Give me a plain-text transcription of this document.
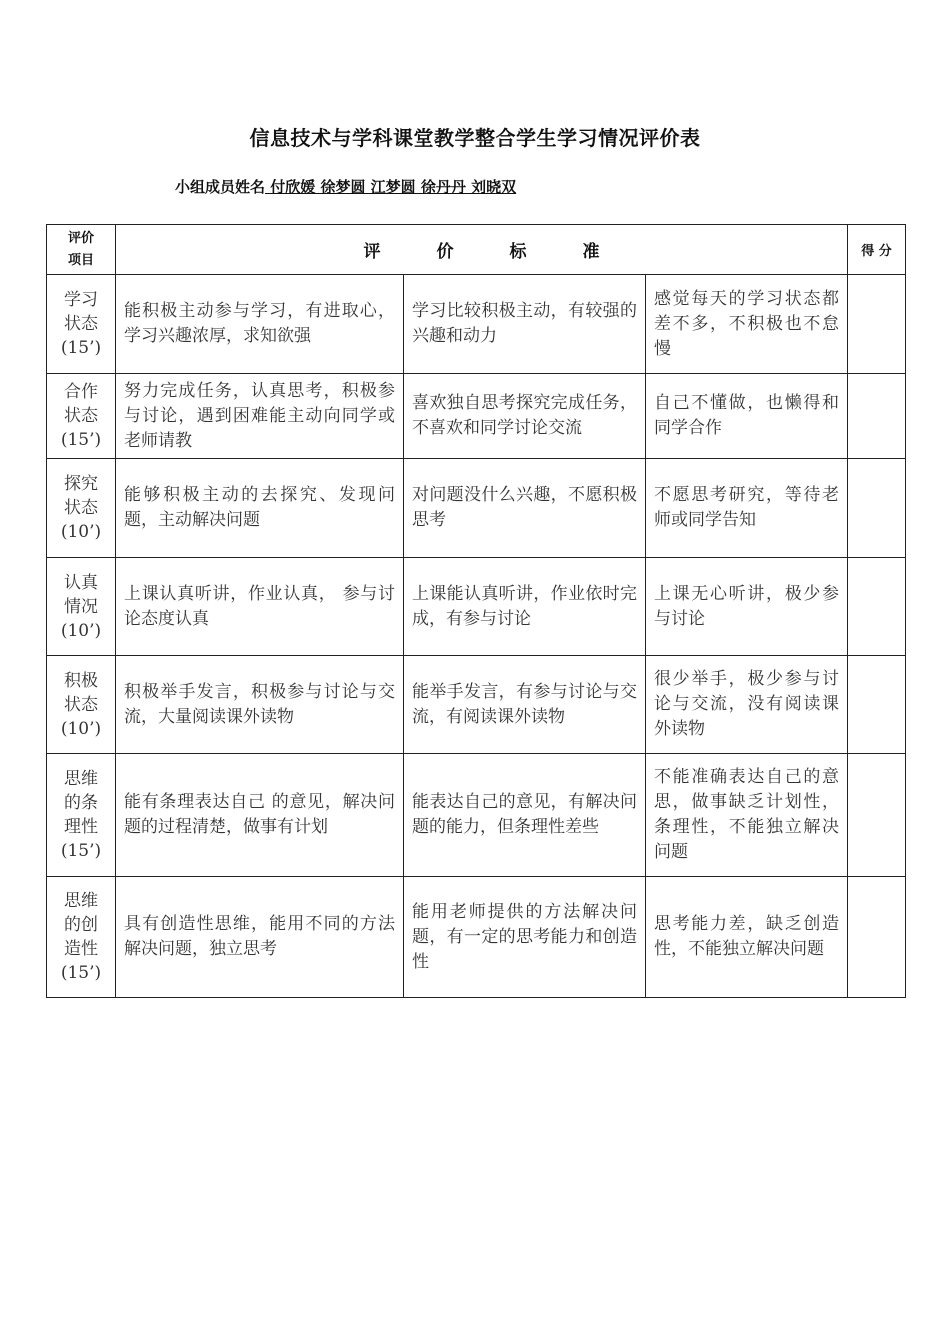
信息技术与学科课堂教学整合学生学习情况评价表
小组成员姓名 付欣媛 徐梦圆 江梦圆 徐丹丹 刘晓双
评价
项目	评 价 标 准			得 分

学习
状态
(15’)	能积极主动参与学习，有进取心，学习兴趣浓厚，求知欲强	学习比较积极主动，有较强的兴趣和动力	感觉每天的学习状态都差不多，不积极也不怠慢	

合作
状态
(15’)	努力完成任务，认真思考，积极参与讨论，遇到困难能主动向同学或老师请教	喜欢独自思考探究完成任务，不喜欢和同学讨论交流	自己不懂做，也懒得和同学合作	

探究
状态
(10’)	能够积极主动的去探究、发现问题，主动解决问题	对问题没什么兴趣，不愿积极思考	不愿思考研究，等待老师或同学告知	

认真
情况
(10’)	上课认真听讲，作业认真， 参与讨论态度认真	上课能认真听讲，作业依时完成，有参与讨论	上课无心听讲，极少参与讨论	

积极
状态
(10’)	积极举手发言，积极参与讨论与交流，大量阅读课外读物	能举手发言，有参与讨论与交流，有阅读课外读物	很少举手，极少参与讨论与交流，没有阅读课外读物	

思维
的条
理性
(15’)	能有条理表达自己 的意见，解决问题的过程清楚，做事有计划	能表达自己的意见，有解决问题的能力，但条理性差些	不能准确表达自己的意思，做事缺乏计划性，条理性，不能独立解决问题	

思维
的创
造性
(15’)	具有创造性思维，能用不同的方法解决问题，独立思考	能用老师提供的方法解决问题，有一定的思考能力和创造性	思考能力差，缺乏创造性，不能独立解决问题	
